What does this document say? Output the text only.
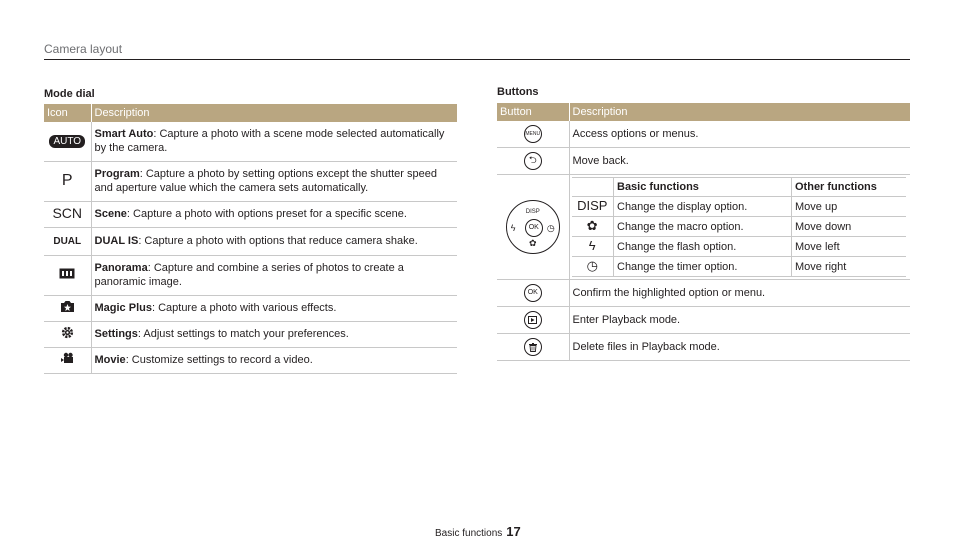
Camera layout
Mode dial
Icon	Description
AUTO	Smart Auto: Capture a photo with a scene mode selected automatically by the camera.
P	Program: Capture a photo by setting options except the shutter speed and aperture value which the camera sets automatically.
SCN	Scene: Capture a photo with options preset for a specific scene.
DUAL	DUAL IS: Capture a photo with options that reduce camera shake.
	Panorama: Capture and combine a series of photos to create a panoramic image.
	Magic Plus: Capture a photo with various effects.
	Settings: Adjust settings to match your preferences.
	Movie: Customize settings to record a video.
Buttons
Button	Description
MENU	Access options or menus.

⮌	Move back.

DISP
ϟ	OK ◷
✿

	Basic functions	Other functions
DISP	Change the display option.	Move up
✿	Change the macro option.	Move down
ϟ	Change the flash option.	Move left
◷	Change the timer option.	Move right

OK	Confirm the highlighted option or menu.

	Enter Playback mode.

	Delete files in Playback mode.
Basic functions 17
